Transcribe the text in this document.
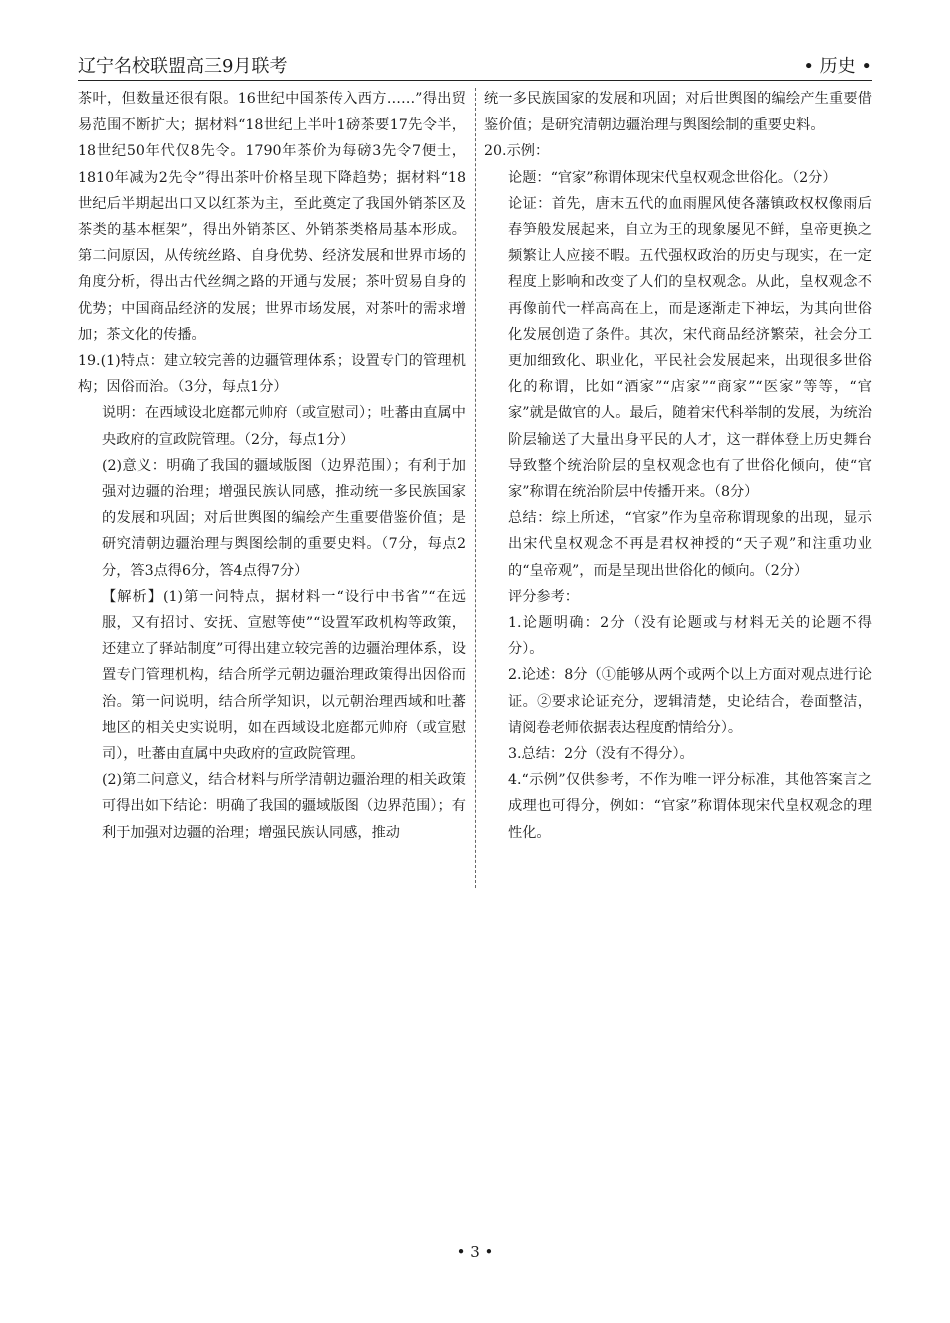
辽宁名校联盟高三9月联考	• 历史 •

茶叶，但数量还很有限。16世纪中国茶传入西方……”得出贸易范围不断扩大；据材料“18世纪上半叶1磅茶要17先令半，18世纪50年代仅8先令。1790年茶价为每磅3先令7便士，1810年减为2先令”得出茶叶价格呈现下降趋势；据材料“18世纪后半期起出口又以红茶为主，至此奠定了我国外销茶区及茶类的基本框架”，得出外销茶区、外销茶类格局基本形成。第二问原因，从传统丝路、自身优势、经济发展和世界市场的角度分析，得出古代丝绸之路的开通与发展；茶叶贸易自身的优势；中国商品经济的发展；世界市场发展，对茶叶的需求增加；茶文化的传播。

19.(1)特点：建立较完善的边疆管理体系；设置专门的管理机构；因俗而治。（3分，每点1分）

说明：在西域设北庭都元帅府（或宣慰司）；吐蕃由直属中央政府的宣政院管理。（2分，每点1分）

(2)意义：明确了我国的疆域版图（边界范围）；有利于加强对边疆的治理；增强民族认同感，推动统一多民族国家的发展和巩固；对后世舆图的编绘产生重要借鉴价值；是研究清朝边疆治理与舆图绘制的重要史料。（7分，每点2分，答3点得6分，答4点得7分）

【解析】(1)第一问特点，据材料一“设行中书省”“在远服，又有招讨、安抚、宣慰等使”“设置军政机构等政策，还建立了驿站制度”可得出建立较完善的边疆治理体系，设置专门管理机构，结合所学元朝边疆治理政策得出因俗而治。第一问说明，结合所学知识，以元朝治理西域和吐蕃地区的相关史实说明，如在西域设北庭都元帅府（或宣慰司），吐蕃由直属中央政府的宣政院管理。

(2)第二问意义，结合材料与所学清朝边疆治理的相关政策可得出如下结论：明确了我国的疆域版图（边界范围）；有利于加强对边疆的治理；增强民族认同感，推动

统一多民族国家的发展和巩固；对后世舆图的编绘产生重要借鉴价值；是研究清朝边疆治理与舆图绘制的重要史料。

20.示例：

论题：“官家”称谓体现宋代皇权观念世俗化。（2分）

论证：首先，唐末五代的血雨腥风使各藩镇政权权像雨后春笋般发展起来，自立为王的现象屡见不鲜，皇帝更换之频繁让人应接不暇。五代强权政治的历史与现实，在一定程度上影响和改变了人们的皇权观念。从此，皇权观念不再像前代一样高高在上，而是逐渐走下神坛，为其向世俗化发展创造了条件。其次，宋代商品经济繁荣，社会分工更加细致化、职业化，平民社会发展起来，出现很多世俗化的称谓，比如“酒家”“店家”“商家”“医家”等等，“官家”就是做官的人。最后，随着宋代科举制的发展，为统治阶层输送了大量出身平民的人才，这一群体登上历史舞台导致整个统治阶层的皇权观念也有了世俗化倾向，使“官家”称谓在统治阶层中传播开来。（8分）

总结：综上所述，“官家”作为皇帝称谓现象的出现，显示出宋代皇权观念不再是君权神授的“天子观”和注重功业的“皇帝观”，而是呈现出世俗化的倾向。（2分）

评分参考：

1.论题明确：2分（没有论题或与材料无关的论题不得分）。

2.论述：8分（①能够从两个或两个以上方面对观点进行论证。②要求论证充分，逻辑清楚，史论结合，卷面整洁，请阅卷老师依据表达程度酌情给分）。

3.总结：2分（没有不得分）。

4.“示例”仅供参考，不作为唯一评分标准，其他答案言之成理也可得分，例如：“官家”称谓体现宋代皇权观念的理性化。

• 3 •
